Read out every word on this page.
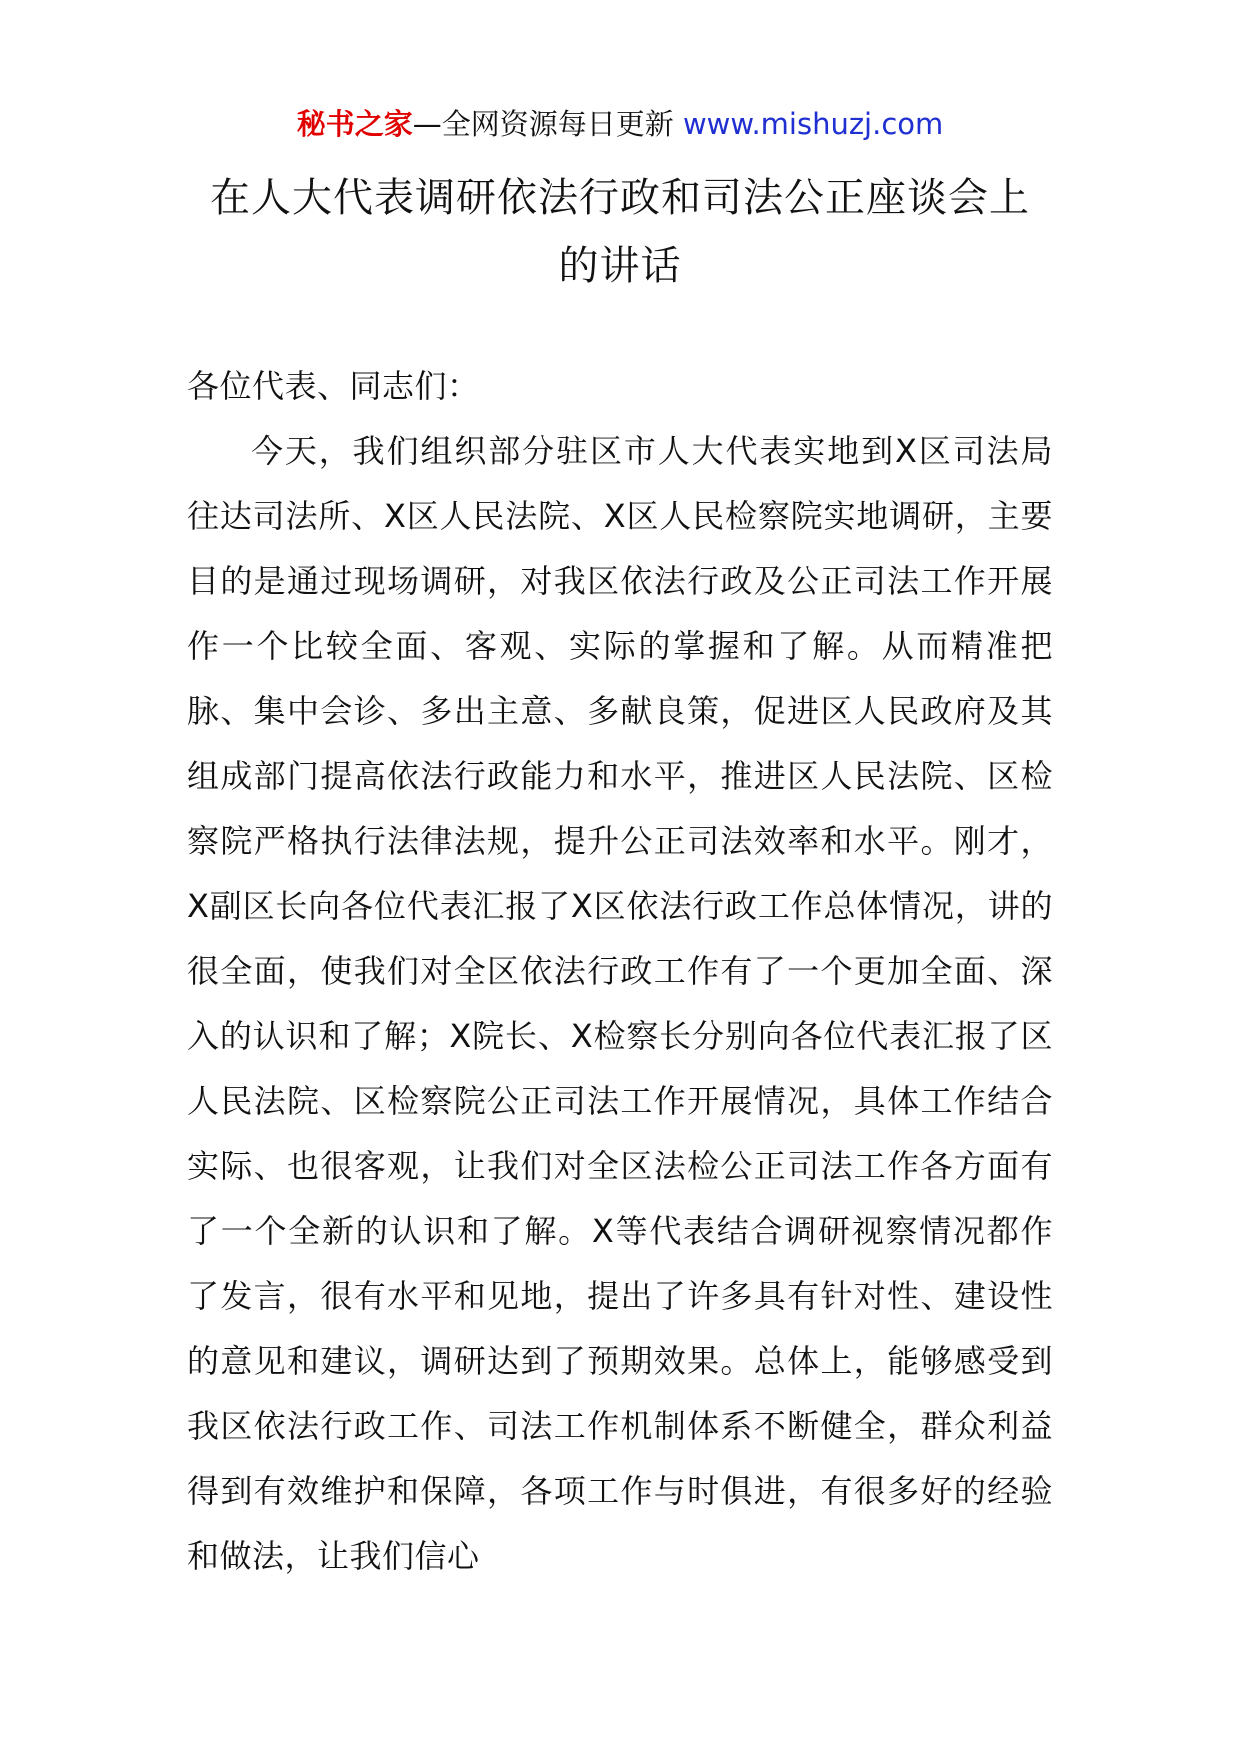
秘书之家—全网资源每日更新 www.mishuzj.com
在人大代表调研依法行政和司法公正座谈会上
的讲话

各位代表、同志们：

今天，我们组织部分驻区市人大代表实地到X区司法局往达司法所、X区人民法院、X区人民检察院实地调研，主要目的是通过现场调研，对我区依法行政及公正司法工作开展作一个比较全面、客观、实际的掌握和了解。从而精准把脉、集中会诊、多出主意、多献良策，促进区人民政府及其组成部门提高依法行政能力和水平，推进区人民法院、区检察院严格执行法律法规，提升公正司法效率和水平。刚才，X副区长向各位代表汇报了X区依法行政工作总体情况，讲的很全面，使我们对全区依法行政工作有了一个更加全面、深入的认识和了解；X院长、X检察长分别向各位代表汇报了区人民法院、区检察院公正司法工作开展情况，具体工作结合实际、也很客观，让我们对全区法检公正司法工作各方面有了一个全新的认识和了解。X等代表结合调研视察情况都作了发言，很有水平和见地，提出了许多具有针对性、建设性的意见和建议，调研达到了预期效果。总体上，能够感受到我区依法行政工作、司法工作机制体系不断健全，群众利益得到有效维护和保障，各项工作与时俱进，有很多好的经验和做法，让我们信心
